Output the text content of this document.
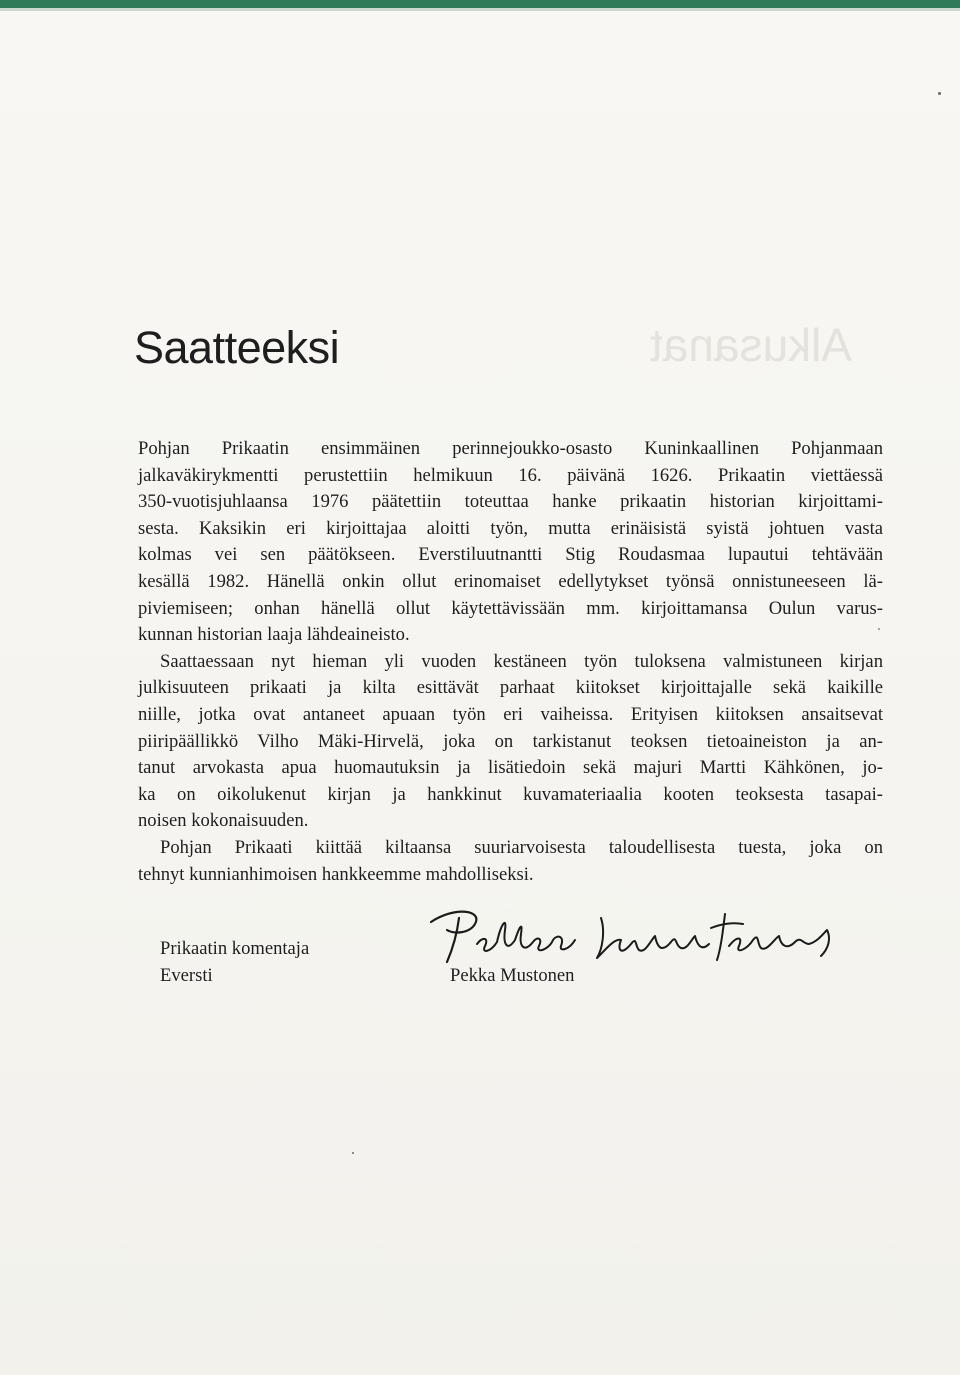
Alkusanat
Saatteeksi
Pohjan Prikaatin ensimmäinen perinnejoukko-osasto Kuninkaallinen Pohjanmaan
jalkaväkirykmentti perustettiin helmikuun 16. päivänä 1626. Prikaatin viettäessä
350-vuotisjuhlaansa 1976 päätettiin toteuttaa hanke prikaatin historian kirjoittami-
sesta. Kaksikin eri kirjoittajaa aloitti työn, mutta erinäisistä syistä johtuen vasta
kolmas vei sen päätökseen. Everstiluutnantti Stig Roudasmaa lupautui tehtävään
kesällä 1982. Hänellä onkin ollut erinomaiset edellytykset työnsä onnistuneeseen lä-
piviemiseen; onhan hänellä ollut käytettävissään mm. kirjoittamansa Oulun varus-
kunnan historian laaja lähdeaineisto.
Saattaessaan nyt hieman yli vuoden kestäneen työn tuloksena valmistuneen kirjan
julkisuuteen prikaati ja kilta esittävät parhaat kiitokset kirjoittajalle sekä kaikille
niille, jotka ovat antaneet apuaan työn eri vaiheissa. Erityisen kiitoksen ansaitsevat
piiripäällikkö Vilho Mäki-Hirvelä, joka on tarkistanut teoksen tietoaineiston ja an-
tanut arvokasta apua huomautuksin ja lisätiedoin sekä majuri Martti Kähkönen, jo-
ka on oikolukenut kirjan ja hankkinut kuvamateriaalia kooten teoksesta tasapai-
noisen kokonaisuuden.
Pohjan Prikaati kiittää kiltaansa suuriarvoisesta taloudellisesta tuesta, joka on
tehnyt kunnianhimoisen hankkeemme mahdolliseksi.
Prikaatin komentaja
Eversti	Pekka Mustonen
